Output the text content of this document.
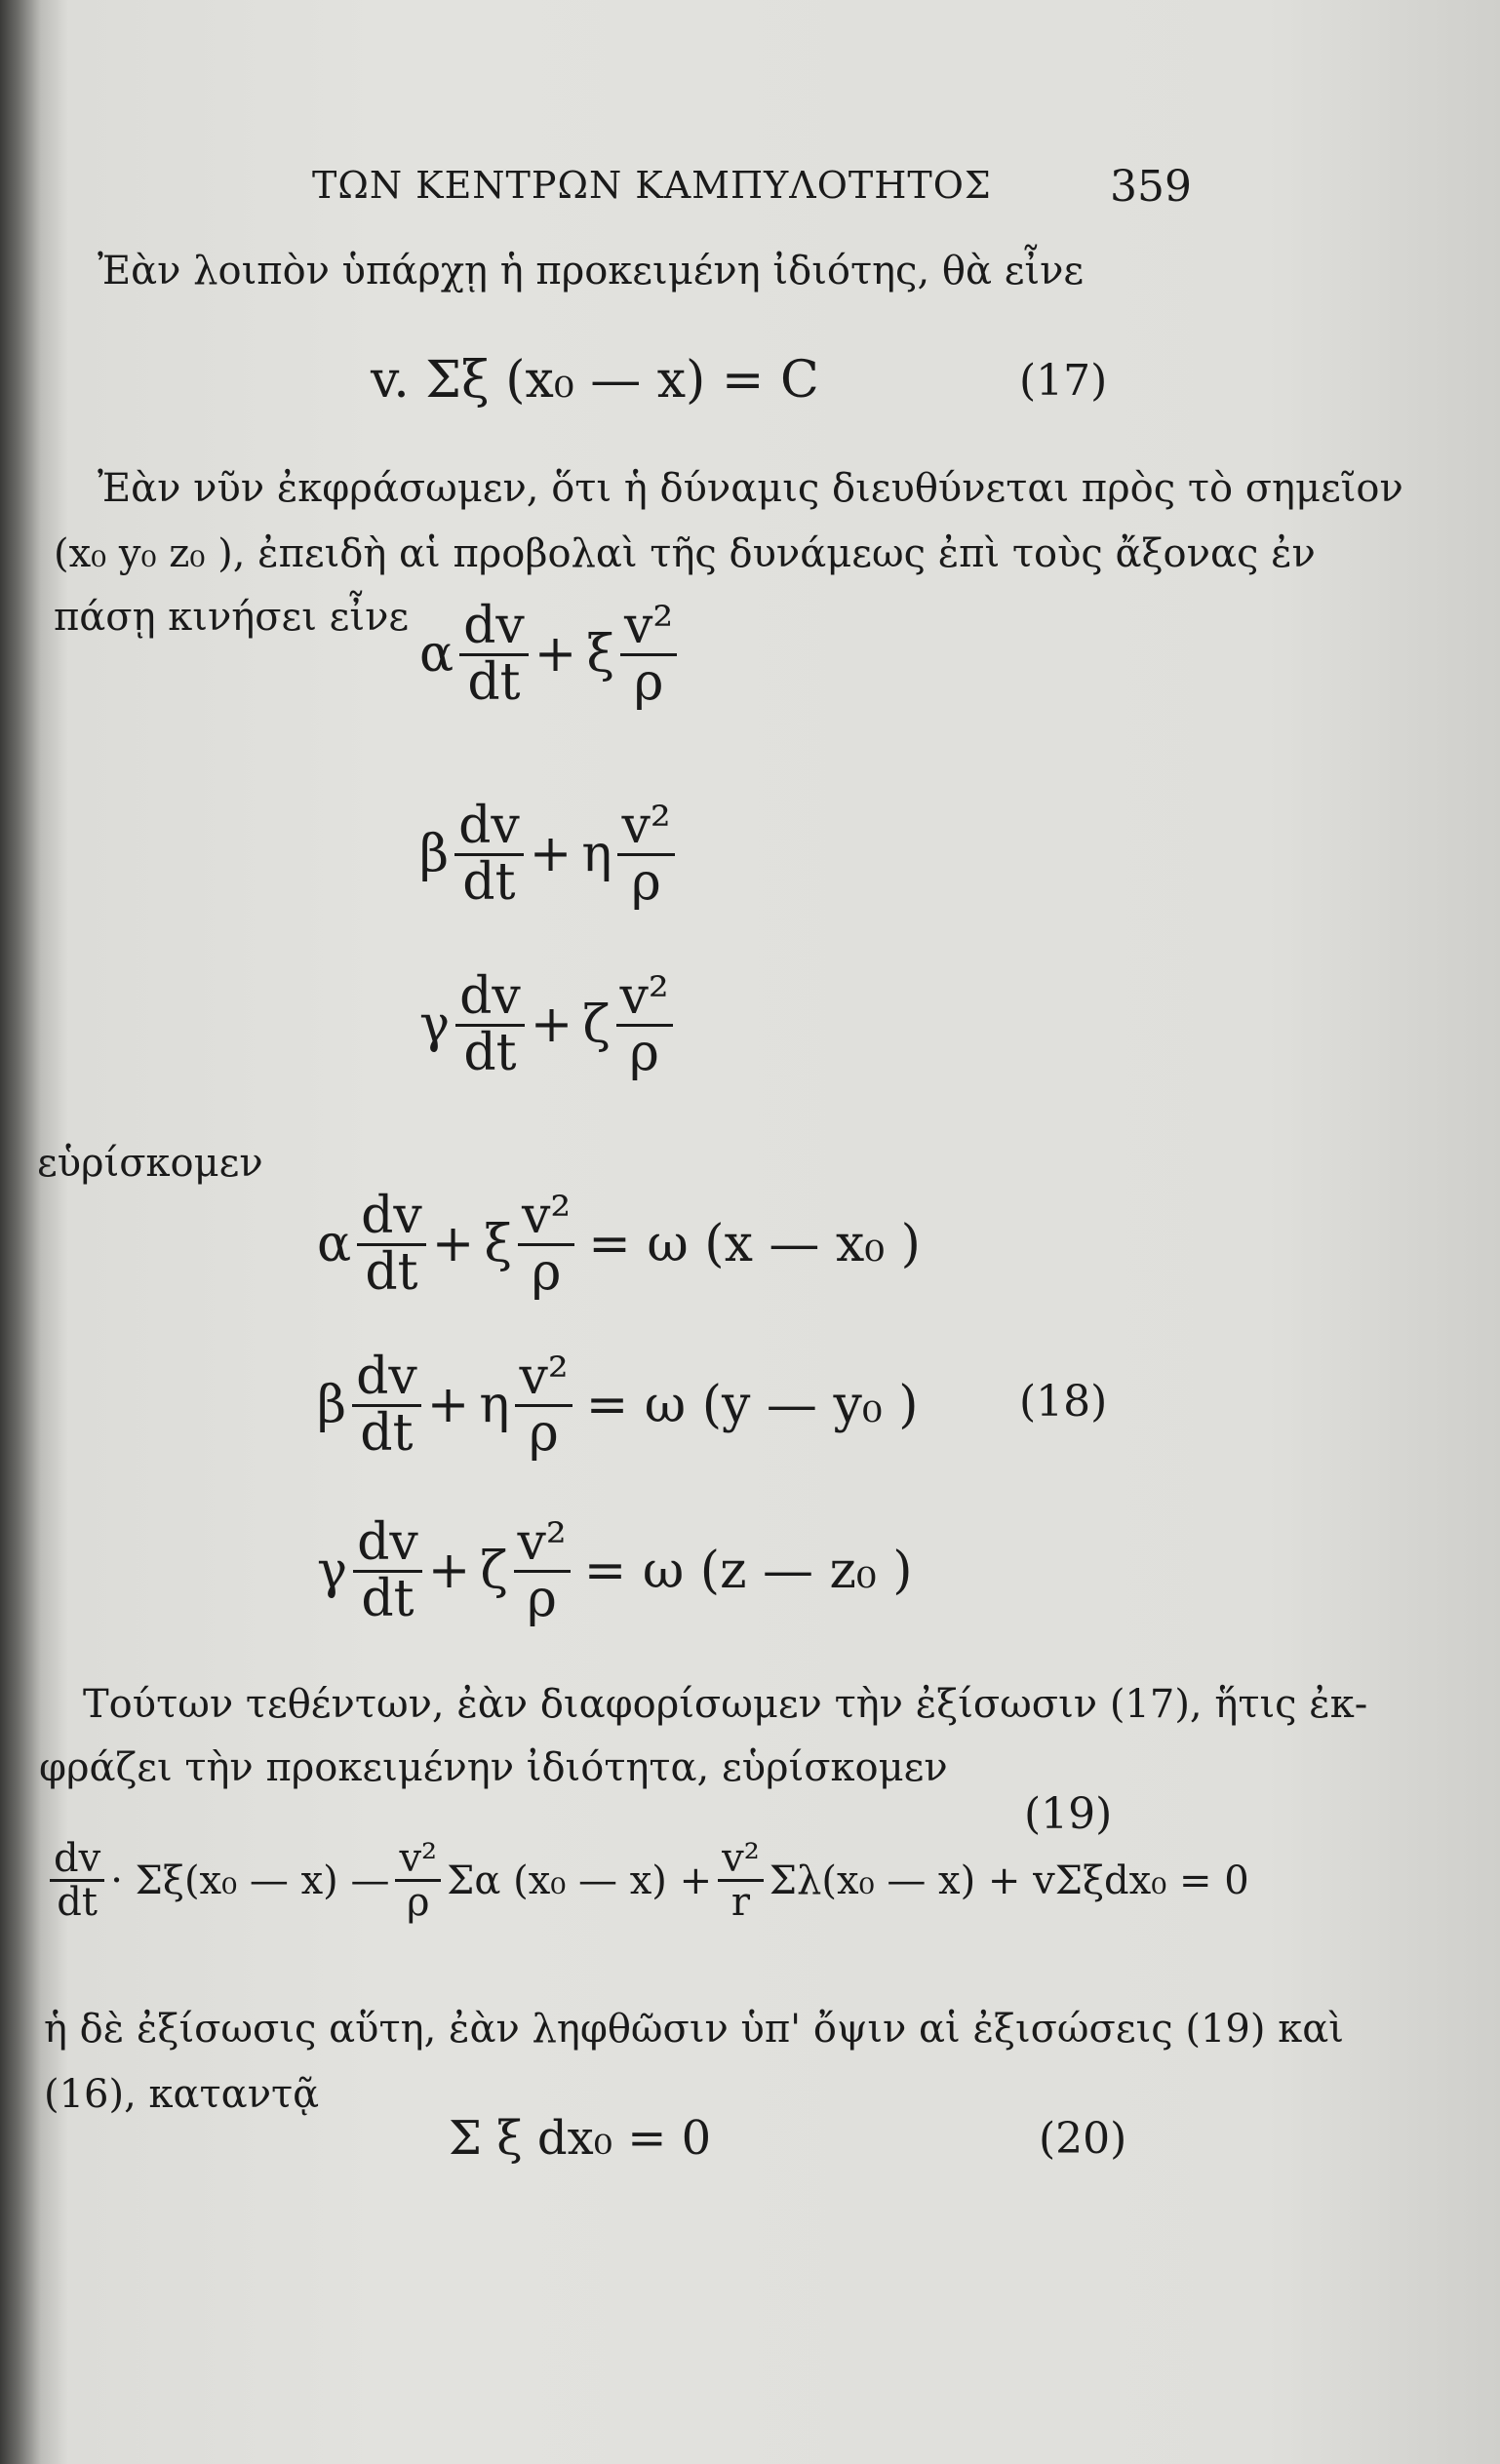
ΤΩΝ ΚΕΝΤΡΩΝ ΚΑΜΠΥΛΟΤΗΤΟΣ	359
Ἐὰν λοιπὸν ὑπάρχῃ ἡ προκειμένη ἰδιότης, θὰ εἶνε
v. Σξ (x₀ — x) = C	(17)
Ἐὰν νῦν ἐκφράσωμεν, ὅτι ἡ δύναμις διευθύνεται πρὸς τὸ σημεῖον
(x₀ y₀ z₀ ), ἐπειδὴ αἱ προβολαὶ τῆς δυνάμεως ἐπὶ τοὺς ἄξονας ἐν
πάσῃ κινήσει εἶνε
α $\frac{dv}{dt} + \xi \frac{\text{v²}}{\rho}$
β $\frac{dv}{dt} + \eta \frac{\text{v²}}{\rho}$
γ $\frac{dv}{dt} + \zeta \frac{\text{v²}}{\rho}$
εὑρίσκομεν
α $\frac{dv}{dt} + \xi \frac{\text{v²}}{\rho} = \omega$ (x — x₀ )
β $\frac{dv}{dt} + \eta \frac{\text{v²}}{\rho} = \omega$ (y — y₀ ) (18)
γ $\frac{dv}{dt} + \zeta \frac{\text{v²}}{\rho} = \omega$ (z — z₀ )
Τούτων τεθέντων, ἐὰν διαφορίσωμεν τὴν ἐξίσωσιν (17), ἥτις ἐκ-
φράζει τὴν προκειμένην ἰδιότητα, εὑρίσκομεν
(19)
$\frac{dv}{dt} \cdot \Sigma\xi(x_0$ — x) — $\frac{\text{v²}}{\rho}$ Σα (x₀ — $x) + \frac{\text{v²}}{r} \Sigma\lambda(x_0$ — x) + vΣξdx₀ = 0
ἡ δὲ ἐξίσωσις αὕτη, ἐὰν ληφθῶσιν ὑπ' ὄψιν αἱ ἐξισώσεις (19) καὶ
(16), καταντᾷ
Σ ξ dx₀ = 0	(20)
